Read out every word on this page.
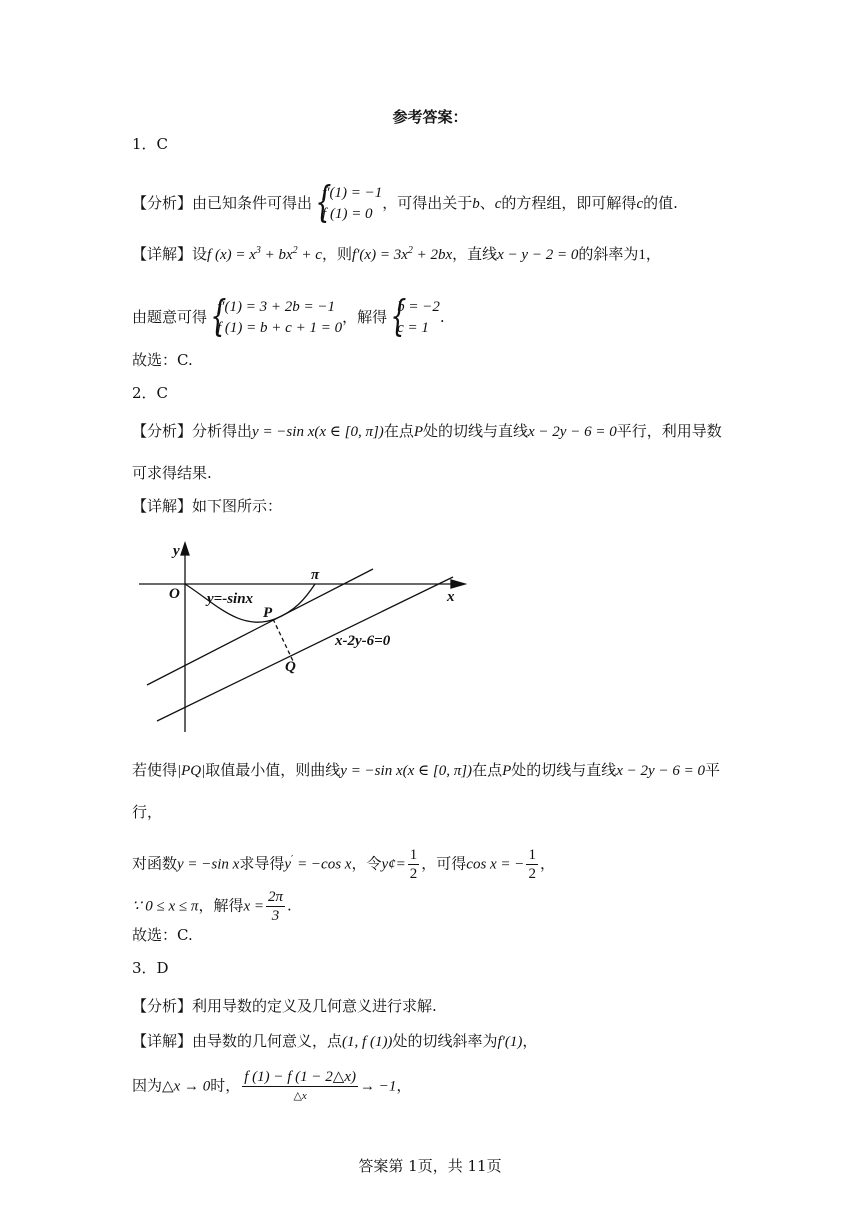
参考答案：
1．C
【分析】由已知条件可得出
{ f′(1) = −1
f (1) = 0
，可得出关于b、c的方程组，即可解得c的值.
【详解】设f $(x) = x^3 + bx^2 + c$，则$f'(x) = 3x^2 + 2bx$，直线x − y − 2 = 0的斜率为1，
由题意可得
{ f′(1) = 3 + 2b = −1
f (1) = b + c + 1 = 0
，解得
{ b = −2
c = 1
.
故选：C.
2．C
【分析】分析得出y = −sin x(x ∈ [0, π])在点P处的切线与直线x − 2y − 6 = 0平行，利用导数
可求得结果.
【详解】如下图所示：
y
x
O
π
y=-sinx
P
Q
x-2y-6=0
若使得|PQ|取值最小值，则曲线y = −sin x(x ∈ [0, π])在点P处的切线与直线x − 2y − 6 = 0平
行，
对函数y = −sin x求导得y′ = −cos x，令y¢= $\frac{1}{2}$ ，可得cos x = − $\frac{1}{2}$ ，
∵ 0 ≤ x ≤ π，解得$x = \frac{2\pi}{3}$ .
故选：C.
3．D
【分析】利用导数的定义及几何意义进行求解.
【详解】由导数的几何意义，点(1, f (1))处的切线斜率为f′(1)，
因为△x → 0时， $\frac{f (1) - f (1 - 2\triangle x)}{\triangle x} \to -1$，
答案第 1页，共 11页
